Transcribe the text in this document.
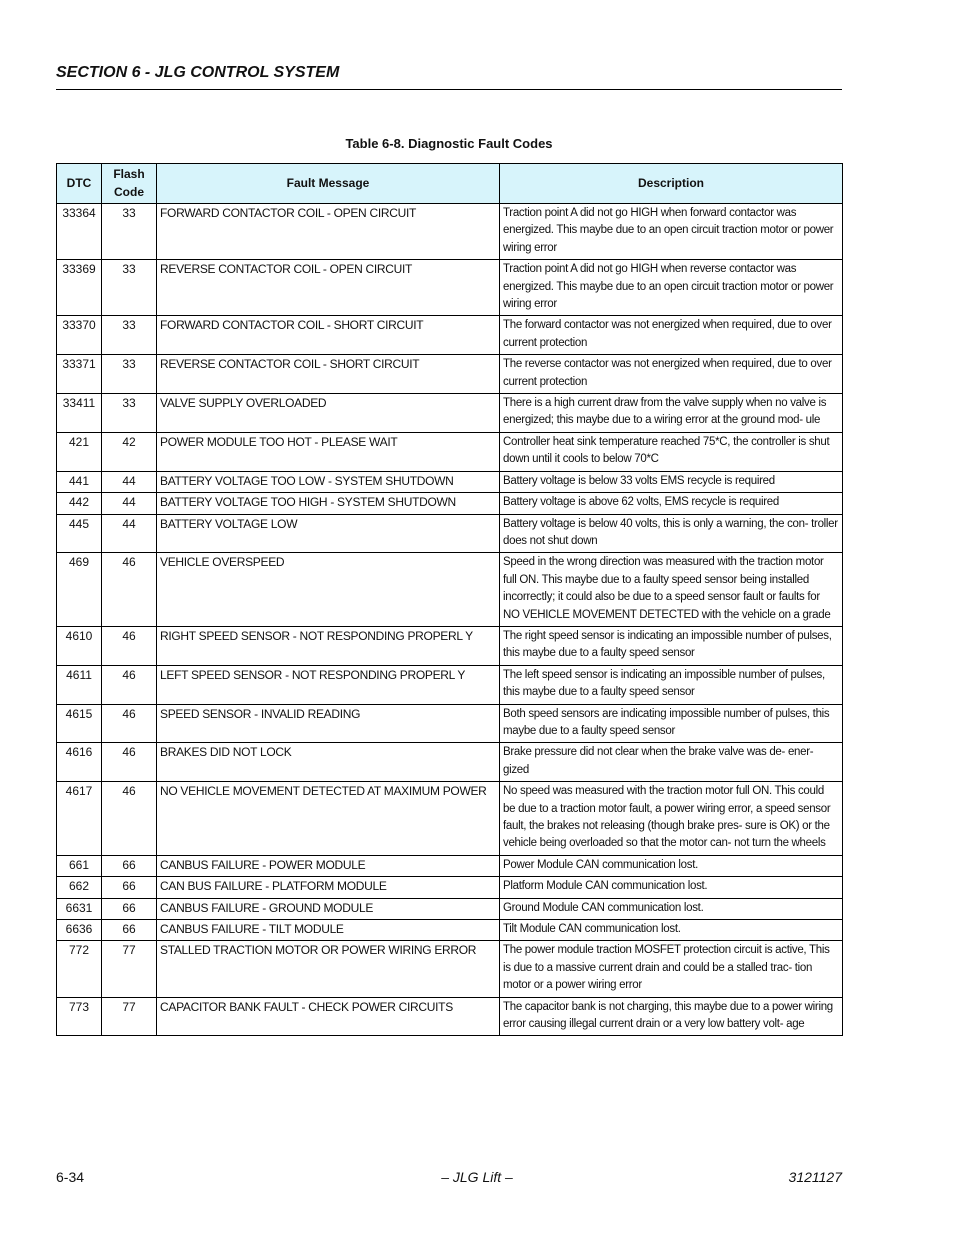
SECTION 6 - JLG CONTROL SYSTEM
Table 6-8. Diagnostic Fault Codes
DTC	Flash Code	Fault Message	Description
33364	33	FORWARD CONTACTOR COIL - OPEN CIRCUIT	Traction point A did not go HIGH when forward contactor was energized. This maybe due to an open circuit traction motor or power wiring error
33369	33	REVERSE CONTACTOR COIL - OPEN CIRCUIT	Traction point A did not go HIGH when reverse contactor was energized. This maybe due to an open circuit traction motor or power wiring error
33370	33	FORWARD CONTACTOR COIL - SHORT CIRCUIT	The forward contactor was not energized when required, due to over current protection
33371	33	REVERSE CONTACTOR COIL - SHORT CIRCUIT	The reverse contactor was not energized when required, due to over current protection
33411	33	VALVE SUPPLY OVERLOADED	There is a high current draw from the valve supply when no valve is energized; this maybe due to a wiring error at the ground mod- ule
421	42	POWER MODULE TOO HOT - PLEASE WAIT	Controller heat sink temperature reached 75*C, the controller is shut down until it cools to below 70*C
441	44	BATTERY VOLTAGE TOO LOW - SYSTEM SHUTDOWN	Battery voltage is below 33 volts EMS recycle is required
442	44	BATTERY VOLTAGE TOO HIGH - SYSTEM SHUTDOWN	Battery voltage is above 62 volts, EMS recycle is required
445	44	BATTERY VOLTAGE LOW	Battery voltage is below 40 volts, this is only a warning, the con- troller does not shut down
469	46	VEHICLE OVERSPEED	Speed in the wrong direction was measured with the traction motor full ON. This maybe due to a faulty speed sensor being installed incorrectly; it could also be due to a speed sensor fault or faults for NO VEHICLE MOVEMENT DETECTED with the vehicle on a grade
4610	46	RIGHT SPEED SENSOR - NOT RESPONDING PROPERL Y	The right speed sensor is indicating an impossible number of pulses, this maybe due to a faulty speed sensor
4611	46	LEFT SPEED SENSOR - NOT RESPONDING PROPERL Y	The left speed sensor is indicating an impossible number of pulses, this maybe due to a faulty speed sensor
4615	46	SPEED SENSOR - INVALID READING	Both speed sensors are indicating impossible number of pulses, this maybe due to a faulty speed sensor
4616	46	BRAKES DID NOT LOCK	Brake pressure did not clear when the brake valve was de- ener- gized
4617	46	NO VEHICLE MOVEMENT DETECTED AT MAXIMUM POWER	No speed was measured with the traction motor full ON. This could be due to a traction motor fault, a power wiring error, a speed sensor fault, the brakes not releasing (though brake pres- sure is OK) or the vehicle being overloaded so that the motor can- not turn the wheels
661	66	CANBUS FAILURE - POWER MODULE	Power Module CAN communication lost.
662	66	CAN BUS FAILURE - PLATFORM MODULE	Platform Module CAN communication lost.
6631	66	CANBUS FAILURE - GROUND MODULE	Ground Module CAN communication lost.
6636	66	CANBUS FAILURE - TILT MODULE	Tilt Module CAN communication lost.
772	77	STALLED TRACTION MOTOR OR POWER WIRING ERROR	The power module traction MOSFET protection circuit is active, This is due to a massive current drain and could be a stalled trac- tion motor or a power wiring error
773	77	CAPACITOR BANK FAULT - CHECK POWER CIRCUITS	The capacitor bank is not charging, this maybe due to a power wiring error causing illegal current drain or a very low battery volt- age
6-34	– JLG Lift –	3121127
